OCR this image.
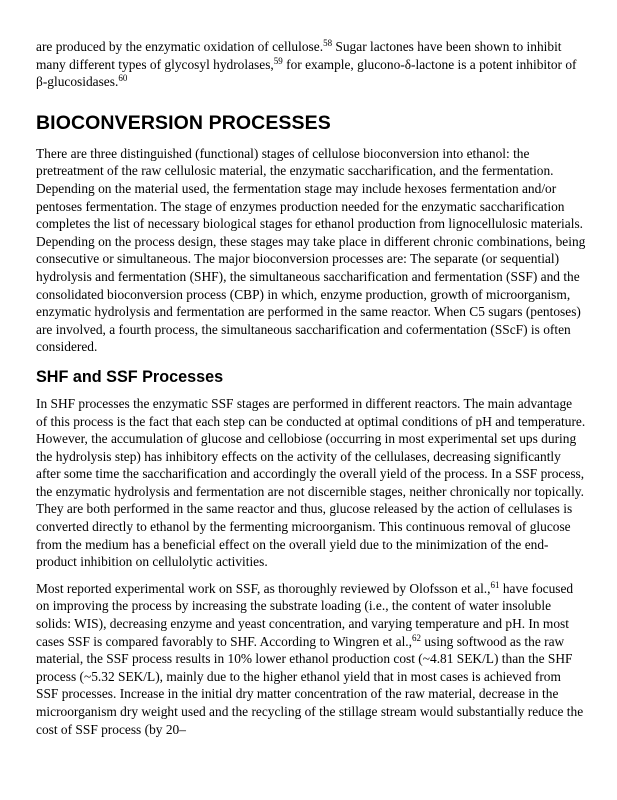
are produced by the enzymatic oxidation of cellulose.$^{58}$ Sugar lactones have been shown to inhibit many different types of glycosyl hydrolases,$^{59}$ for example, glucono-δ-lactone is a potent inhibitor of β-glucosidases.$^{60}$

BIOCONVERSION PROCESSES

There are three distinguished (functional) stages of cellulose bioconversion into ethanol: the pretreatment of the raw cellulosic material, the enzymatic saccharification, and the fermentation. Depending on the material used, the fermentation stage may include hexoses fermentation and/or pentoses fermentation. The stage of enzymes production needed for the enzymatic saccharification completes the list of necessary biological stages for ethanol production from lignocellulosic materials. Depending on the process design, these stages may take place in different chronic combinations, being consecutive or simultaneous. The major bioconversion processes are: The separate (or sequential) hydrolysis and fermentation (SHF), the simultaneous saccharification and fermentation (SSF) and the consolidated bioconversion process (CBP) in which, enzyme production, growth of microorganism, enzymatic hydrolysis and fermentation are performed in the same reactor. When C5 sugars (pentoses) are involved, a fourth process, the simultaneous saccharification and cofermentation (SScF) is often considered.

SHF and SSF Processes

In SHF processes the enzymatic SSF stages are performed in different reactors. The main advantage of this process is the fact that each step can be conducted at optimal conditions of pH and temperature. However, the accumulation of glucose and cellobiose (occurring in most experimental set ups during the hydrolysis step) has inhibitory effects on the activity of the cellulases, decreasing significantly after some time the saccharification and accordingly the overall yield of the process. In a SSF process, the enzymatic hydrolysis and fermentation are not discernible stages, neither chronically nor topically. They are both performed in the same reactor and thus, glucose released by the action of cellulases is converted directly to ethanol by the fermenting microorganism. This continuous removal of glucose from the medium has a beneficial effect on the overall yield due to the minimization of the end-product inhibition on cellulolytic activities.

Most reported experimental work on SSF, as thoroughly reviewed by Olofsson et al.,$^{61}$ have focused on improving the process by increasing the substrate loading (i.e., the content of water insoluble solids: WIS), decreasing enzyme and yeast concentration, and varying temperature and pH. In most cases SSF is compared favorably to SHF. According to Wingren et al.,$^{62}$ using softwood as the raw material, the SSF process results in 10% lower ethanol production cost (~4.81 SEK/L) than the SHF process (~5.32 SEK/L), mainly due to the higher ethanol yield that in most cases is achieved from SSF processes. Increase in the initial dry matter concentration of the raw material, decrease in the microorganism dry weight used and the recycling of the stillage stream would substantially reduce the cost of SSF process (by 20–
